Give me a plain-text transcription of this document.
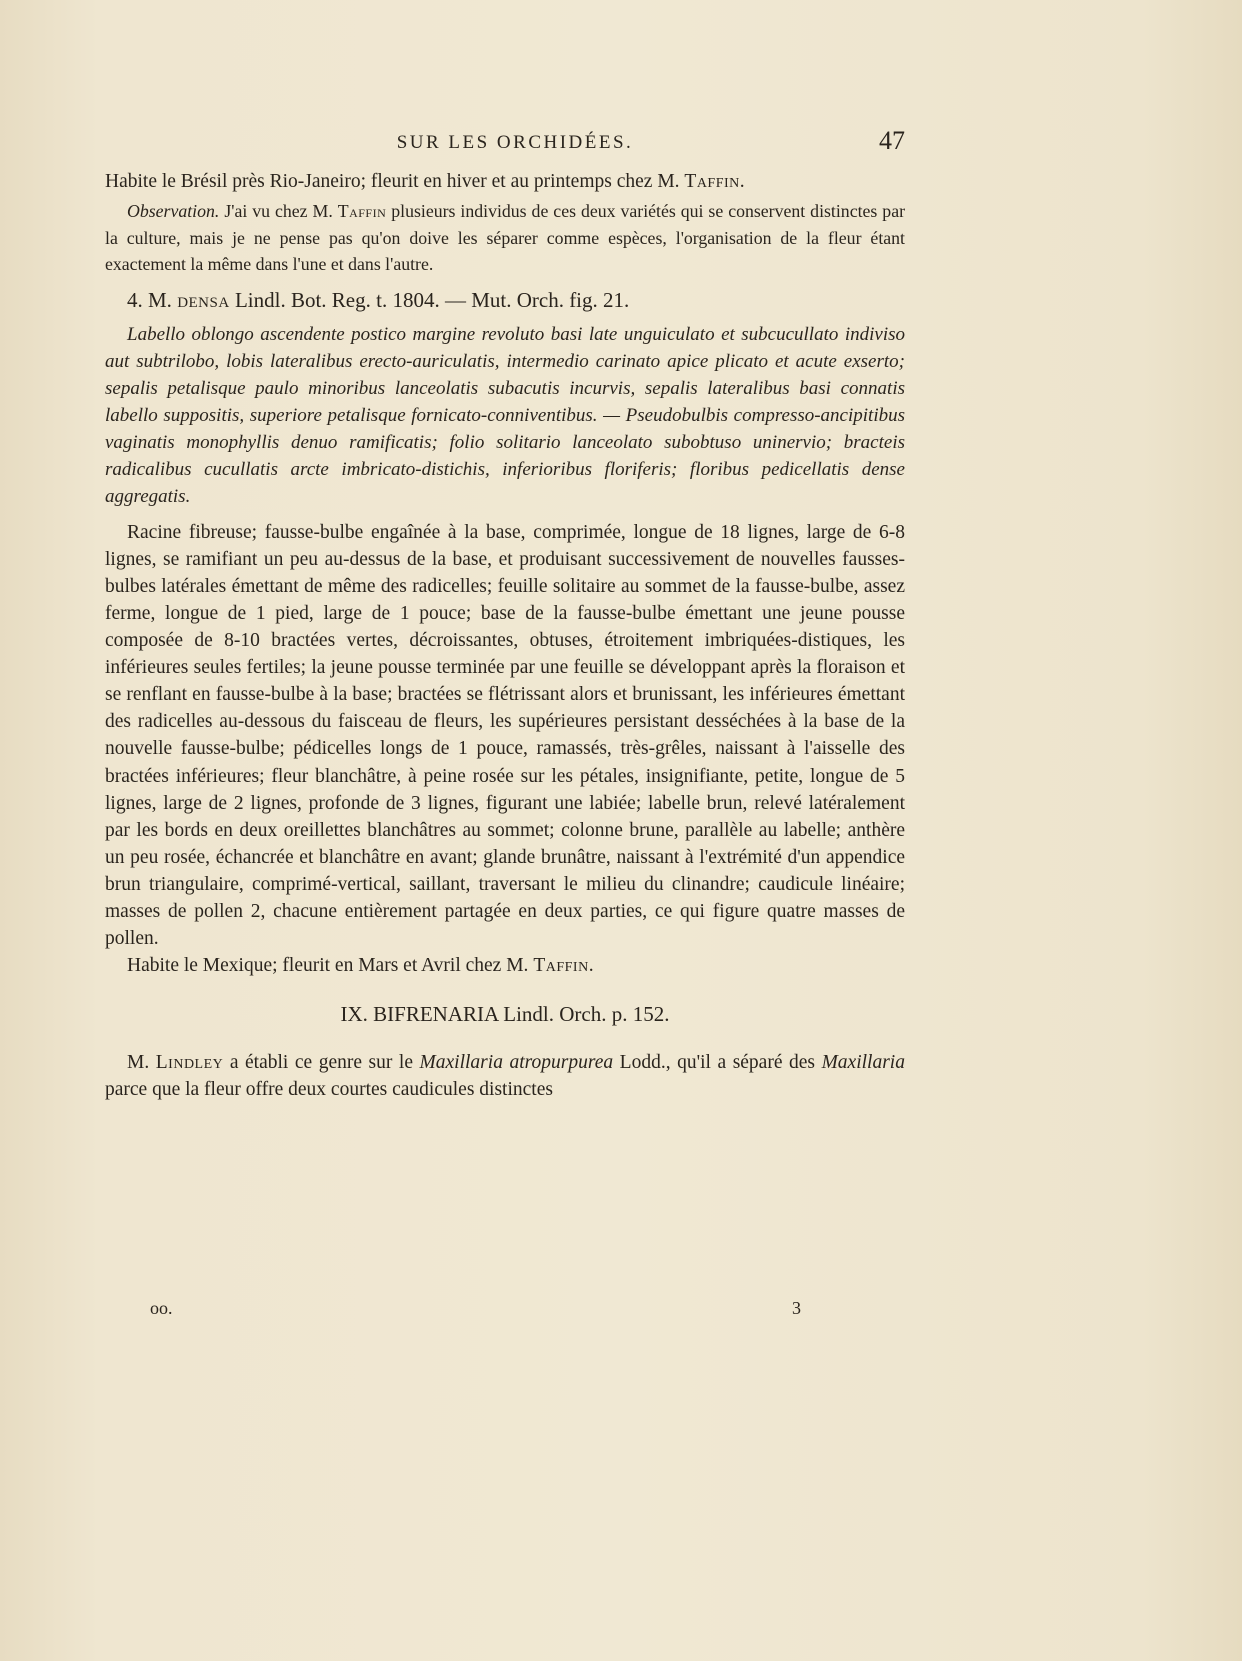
SUR LES ORCHIDÉES.	47

Habite le Brésil près Rio-Janeiro; fleurit en hiver et au printemps chez M. Taffin.

Observation. J'ai vu chez M. Taffin plusieurs individus de ces deux variétés qui se conservent distinctes par la culture, mais je ne pense pas qu'on doive les séparer comme espèces, l'organisation de la fleur étant exactement la même dans l'une et dans l'autre.

4. M. densa Lindl. Bot. Reg. t. 1804. — Mut. Orch. fig. 21.

Labello oblongo ascendente postico margine revoluto basi late unguiculato et subcucullato indiviso aut subtrilobo, lobis lateralibus erecto-auriculatis, intermedio carinato apice plicato et acute exserto; sepalis petalisque paulo minoribus lanceolatis subacutis incurvis, sepalis lateralibus basi connatis labello suppositis, superiore petalisque fornicato-conniventibus. — Pseudobulbis compresso-ancipitibus vaginatis monophyllis denuo ramificatis; folio solitario lanceolato subobtuso uninervio; bracteis radicalibus cucullatis arcte imbricato-distichis, inferioribus floriferis; floribus pedicellatis dense aggregatis.

Racine fibreuse; fausse-bulbe engaînée à la base, comprimée, longue de 18 lignes, large de 6-8 lignes, se ramifiant un peu au-dessus de la base, et produisant successivement de nouvelles fausses-bulbes latérales émettant de même des radicelles; feuille solitaire au sommet de la fausse-bulbe, assez ferme, longue de 1 pied, large de 1 pouce; base de la fausse-bulbe émettant une jeune pousse composée de 8-10 bractées vertes, décroissantes, obtuses, étroitement imbriquées-distiques, les inférieures seules fertiles; la jeune pousse terminée par une feuille se développant après la floraison et se renflant en fausse-bulbe à la base; bractées se flétrissant alors et brunissant, les inférieures émettant des radicelles au-dessous du faisceau de fleurs, les supérieures persistant desséchées à la base de la nouvelle fausse-bulbe; pédicelles longs de 1 pouce, ramassés, très-grêles, naissant à l'aisselle des bractées inférieures; fleur blanchâtre, à peine rosée sur les pétales, insignifiante, petite, longue de 5 lignes, large de 2 lignes, profonde de 3 lignes, figurant une labiée; labelle brun, relevé latéralement par les bords en deux oreillettes blanchâtres au sommet; colonne brune, parallèle au labelle; anthère un peu rosée, échancrée et blanchâtre en avant; glande brunâtre, naissant à l'extrémité d'un appendice brun triangulaire, comprimé-vertical, saillant, traversant le milieu du clinandre; caudicule linéaire; masses de pollen 2, chacune entièrement partagée en deux parties, ce qui figure quatre masses de pollen.

Habite le Mexique; fleurit en Mars et Avril chez M. Taffin.

IX. BIFRENARIA Lindl. Orch. p. 152.

M. Lindley a établi ce genre sur le Maxillaria atropurpurea Lodd., qu'il a séparé des Maxillaria parce que la fleur offre deux courtes caudicules distinctes

oo.	3
